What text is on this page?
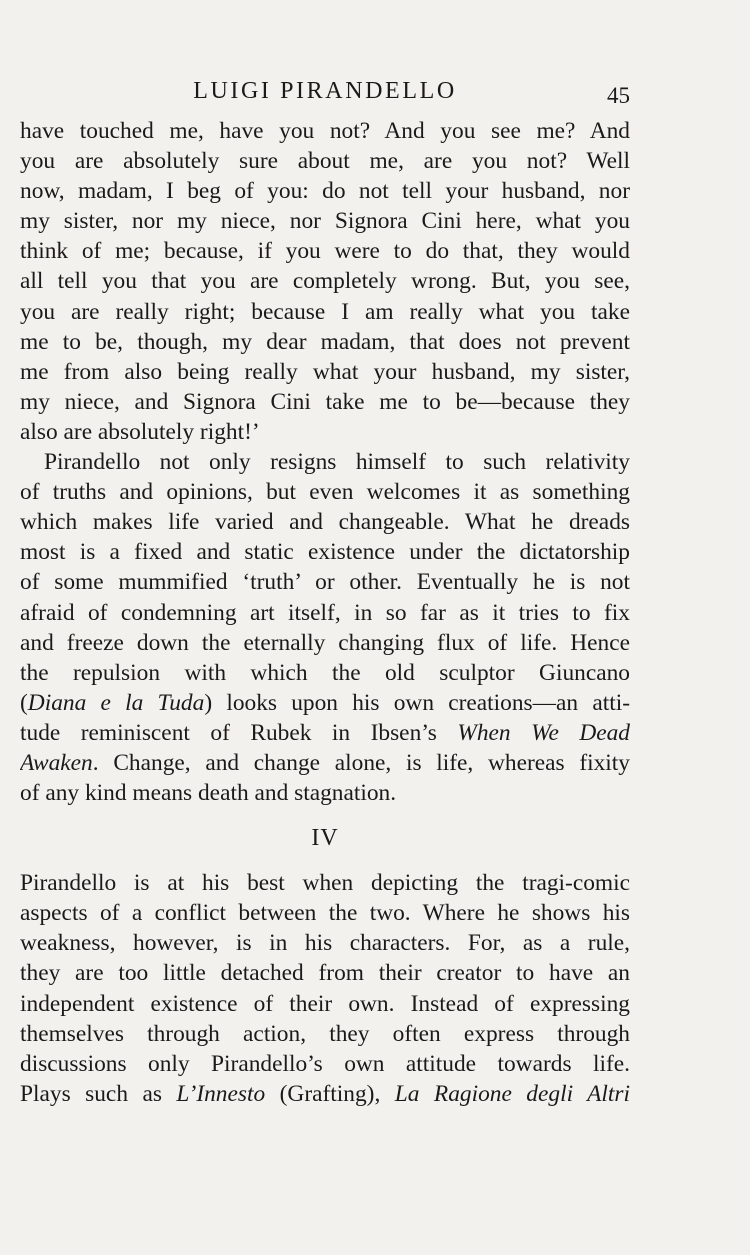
LUIGI PIRANDELLO	45
have touched me, have you not? And you see me? And
you are absolutely sure about me, are you not? Well
now, madam, I beg of you: do not tell your husband, nor
my sister, nor my niece, nor Signora Cini here, what you
think of me; because, if you were to do that, they would
all tell you that you are completely wrong. But, you see,
you are really right; because I am really what you take
me to be, though, my dear madam, that does not prevent
me from also being really what your husband, my sister,
my niece, and Signora Cini take me to be—because they
also are absolutely right!’
Pirandello not only resigns himself to such relativity
of truths and opinions, but even welcomes it as something
which makes life varied and changeable. What he dreads
most is a fixed and static existence under the dictatorship
of some mummified ‘truth’ or other. Eventually he is not
afraid of condemning art itself, in so far as it tries to fix
and freeze down the eternally changing flux of life. Hence
the repulsion with which the old sculptor Giuncano
(Diana e la Tuda) looks upon his own creations—an atti-
tude reminiscent of Rubek in Ibsen’s When We Dead
Awaken. Change, and change alone, is life, whereas fixity
of any kind means death and stagnation.
IV
Pirandello is at his best when depicting the tragi-comic
aspects of a conflict between the two. Where he shows his
weakness, however, is in his characters. For, as a rule,
they are too little detached from their creator to have an
independent existence of their own. Instead of expressing
themselves through action, they often express through
discussions only Pirandello’s own attitude towards life.
Plays such as L’Innesto (Grafting), La Ragione degli Altri
